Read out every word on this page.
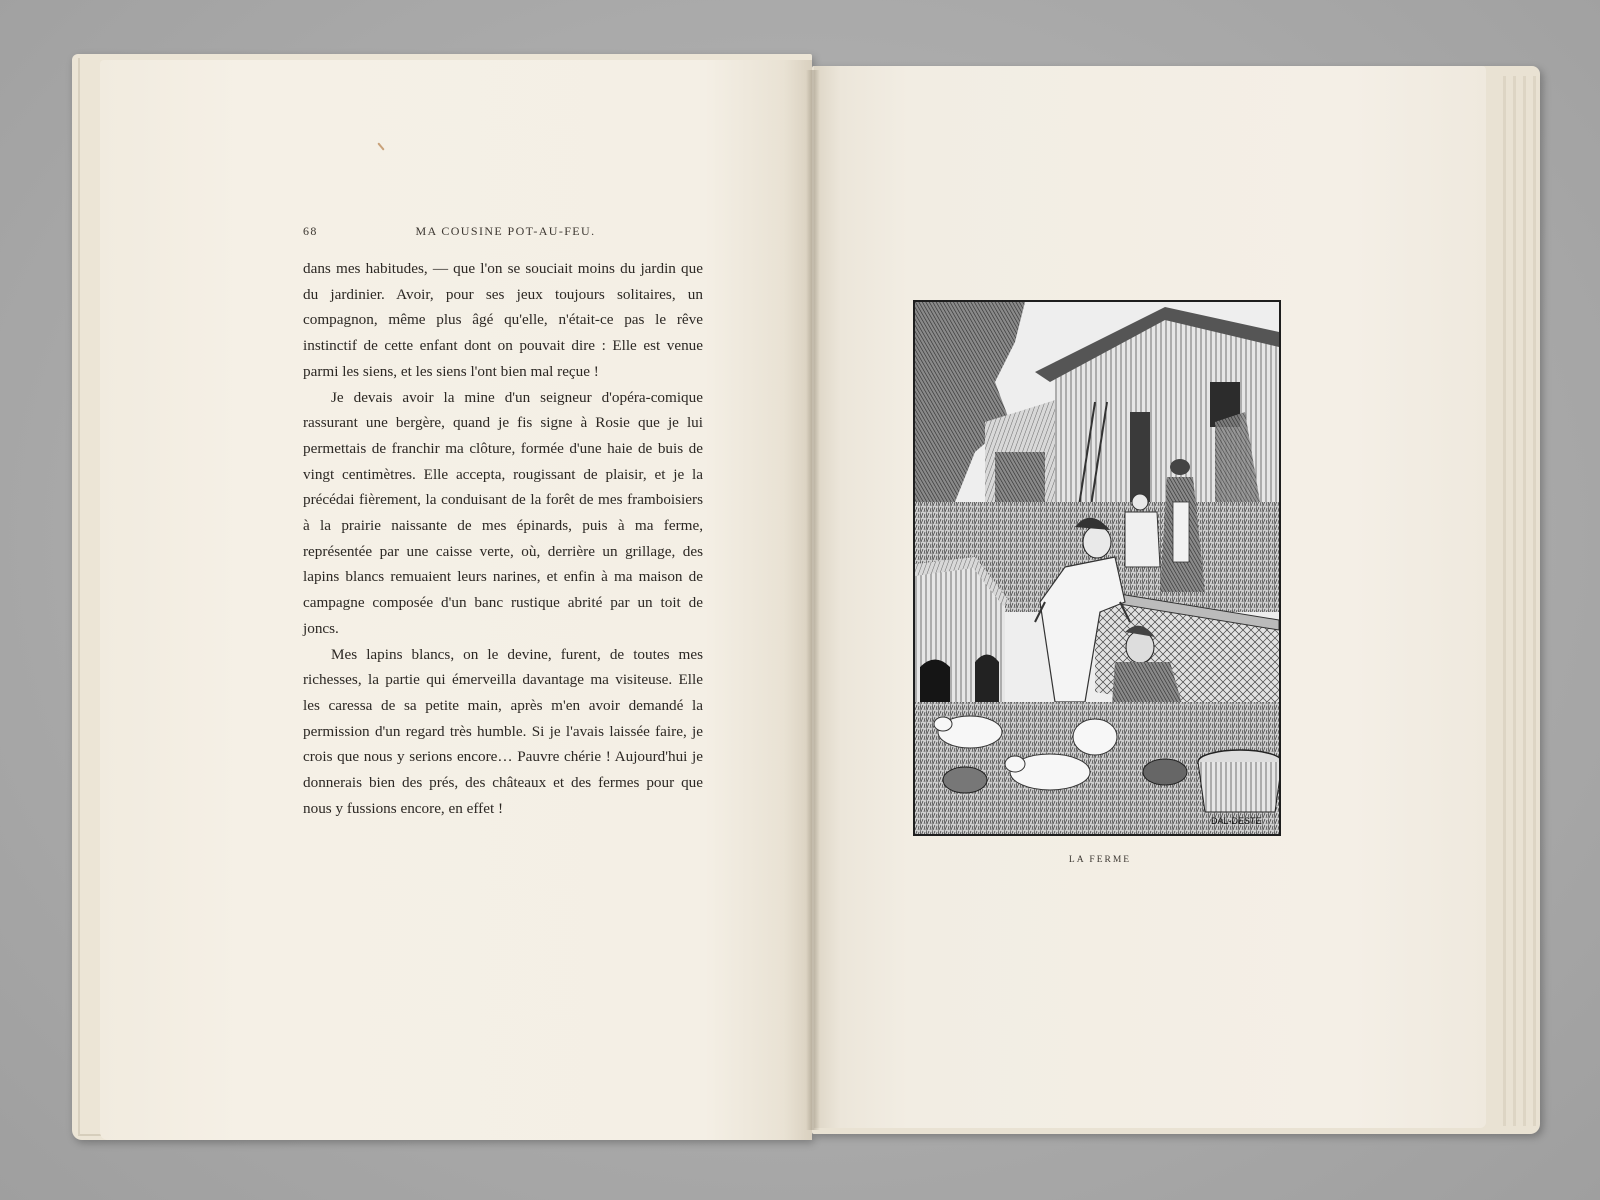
68	MA COUSINE POT-AU-FEU.

dans mes habitudes, — que l'on se souciait moins du jardin que du jardinier. Avoir, pour ses jeux toujours solitaires, un compagnon, même plus âgé qu'elle, n'était-ce pas le rêve instinctif de cette enfant dont on pouvait dire : Elle est venue parmi les siens, et les siens l'ont bien mal reçue !

Je devais avoir la mine d'un seigneur d'opéra-comique rassurant une bergère, quand je fis signe à Rosie que je lui permettais de franchir ma clôture, formée d'une haie de buis de vingt centimètres. Elle accepta, rougissant de plaisir, et je la précédai fièrement, la conduisant de la forêt de mes framboisiers à la prairie naissante de mes épinards, puis à ma ferme, représentée par une caisse verte, où, derrière un grillage, des lapins blancs remuaient leurs narines, et enfin à ma maison de campagne composée d'un banc rustique abrité par un toit de joncs.

Mes lapins blancs, on le devine, furent, de toutes mes richesses, la partie qui émerveilla davantage ma visiteuse. Elle les caressa de sa petite main, après m'en avoir demandé la permission d'un regard très humble. Si je l'avais laissée faire, je crois que nous y serions encore… Pauvre chérie ! Aujourd'hui je donnerais bien des prés, des châteaux et des fermes pour que nous y fussions encore, en effet !

DAL-DESTE
LA FERME
